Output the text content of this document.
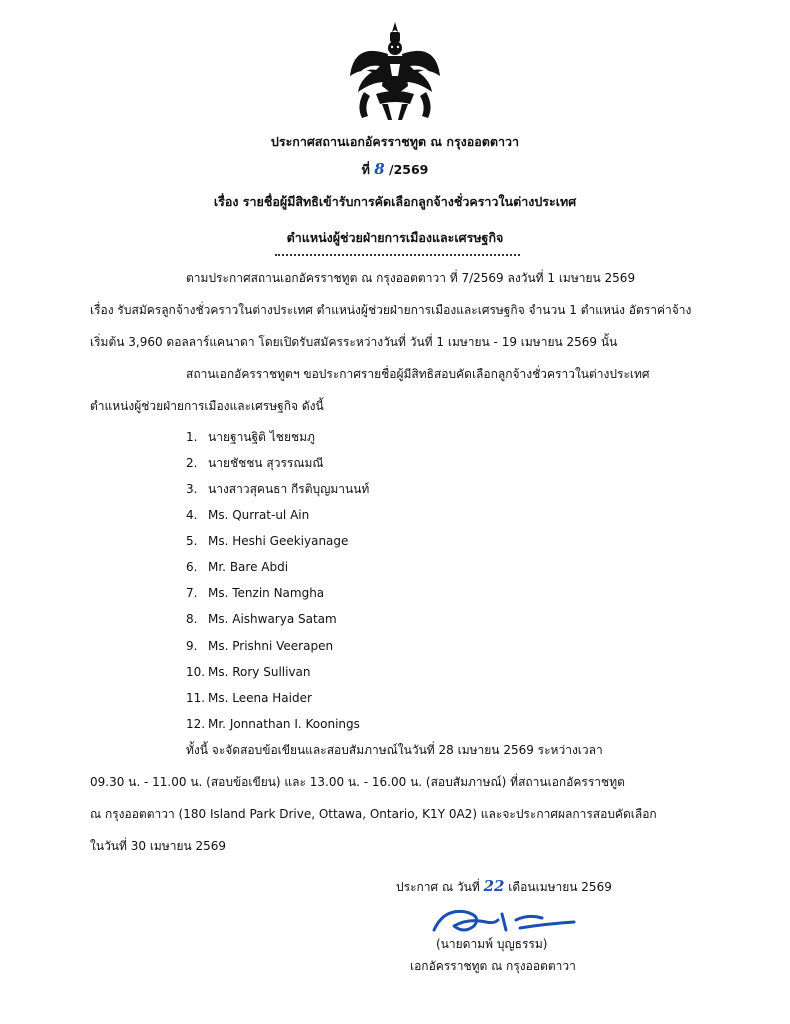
ประกาศสถานเอกอัครราชทูต ณ กรุงออตตาวา
ที่ 8 /2569
เรื่อง รายชื่อผู้มีสิทธิเข้ารับการคัดเลือกลูกจ้างชั่วคราวในต่างประเทศ
ตำแหน่งผู้ช่วยฝ่ายการเมืองและเศรษฐกิจ
ตามประกาศสถานเอกอัครราชทูต ณ กรุงออตตาวา ที่ 7/2569 ลงวันที่ 1 เมษายน 2569
เรื่อง รับสมัครลูกจ้างชั่วคราวในต่างประเทศ ตำแหน่งผู้ช่วยฝ่ายการเมืองและเศรษฐกิจ จำนวน 1 ตำแหน่ง อัตราค่าจ้าง
เริ่มต้น 3,960 ดอลลาร์แคนาดา โดยเปิดรับสมัครระหว่างวันที่ วันที่ 1 เมษายน - 19 เมษายน 2569 นั้น
สถานเอกอัครราชทูตฯ ขอประกาศรายชื่อผู้มีสิทธิสอบคัดเลือกลูกจ้างชั่วคราวในต่างประเทศ
ตำแหน่งผู้ช่วยฝ่ายการเมืองและเศรษฐกิจ ดังนี้
1. นายฐานฐิติ ไชยชมภู
2. นายชัชชน สุวรรณมณี
3. นางสาวสุคนธา กีรติบุญมานนท์
4. Ms. Qurrat-ul Ain
5. Ms. Heshi Geekiyanage
6. Mr. Bare Abdi
7. Ms. Tenzin Namgha
8. Ms. Aishwarya Satam
9. Ms. Prishni Veerapen
10. Ms. Rory Sullivan
11. Ms. Leena Haider
12. Mr. Jonnathan I. Koonings
ทั้งนี้ จะจัดสอบข้อเขียนและสอบสัมภาษณ์ในวันที่ 28 เมษายน 2569 ระหว่างเวลา
09.30 น. - 11.00 น. (สอบข้อเขียน) และ 13.00 น. - 16.00 น. (สอบสัมภาษณ์) ที่สถานเอกอัครราชทูต
ณ กรุงออตตาวา (180 Island Park Drive, Ottawa, Ontario, K1Y 0A2) และจะประกาศผลการสอบคัดเลือก
ในวันที่ 30 เมษายน 2569
ประกาศ ณ วันที่ 22 เดือนเมษายน 2569
(นายดามพ์ บุญธรรม)
เอกอัครราชทูต ณ กรุงออตตาวา
